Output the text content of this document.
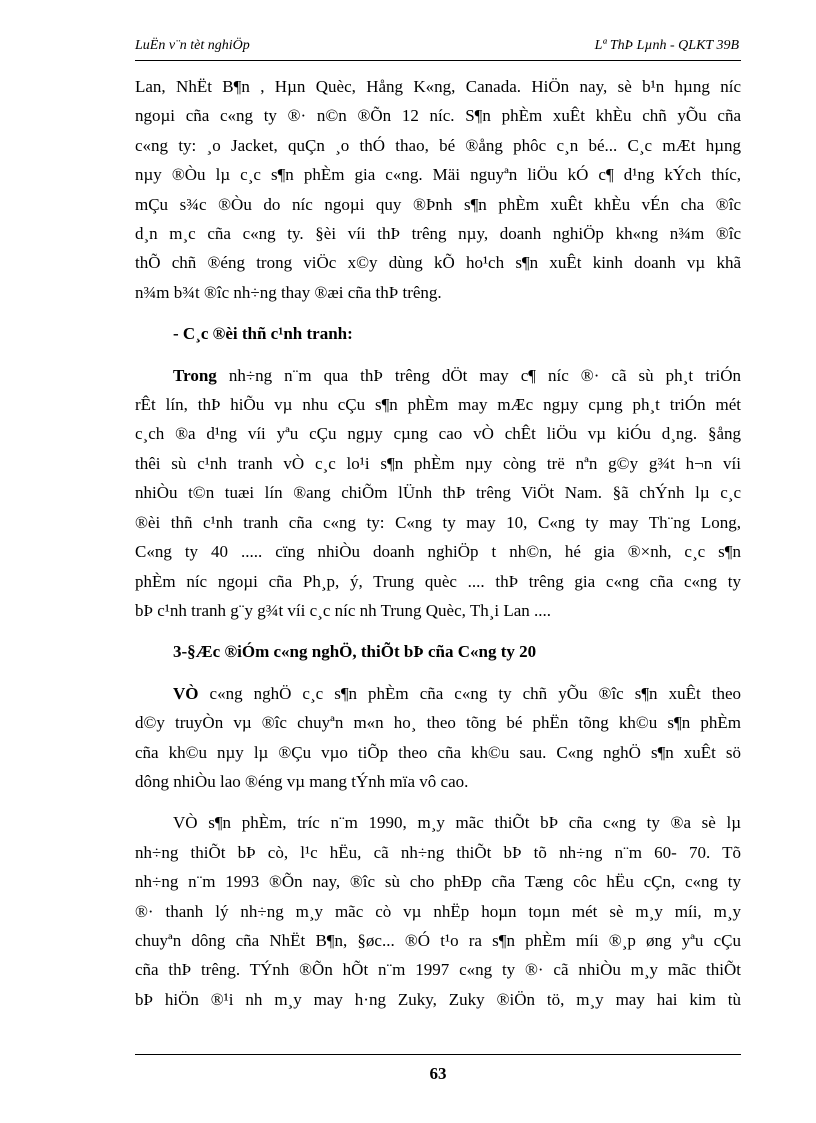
LuËn v¨n tèt nghiÖp	Lª ThÞ Lµnh - QLKT 39B

Lan, NhËt B¶n , Hµn Quèc, Hång K«ng, Canada. HiÖn nay, sè b¹n hµng níc

ngoµi cña c«ng ty ®· n©n ®Õn 12 níc. S¶n phÈm xuÊt khÈu chñ yÕu cña

c«ng ty: ¸o Jacket, quÇn ¸o thÓ thao, bé ®ång phôc c¸n bé... C¸c mÆt hµng

nµy ®Òu lµ c¸c s¶n phÈm gia c«ng. Mäi nguyªn liÖu kÓ c¶ d¹ng kÝch thíc,

mÇu s¾c ®Òu do níc ngoµi quy ®Þnh s¶n phÈm xuÊt khÈu vÉn cha ®îc

d¸n m¸c cña c«ng ty. §èi víi thÞ trêng nµy, doanh nghiÖp kh«ng n¾m ®îc

thÕ chñ ®éng trong viÖc x©y dùng kÕ ho¹ch s¶n xuÊt kinh doanh vµ khã

n¾m b¾t ®îc nh÷ng thay ®æi cña thÞ trêng.

- C¸c ®èi thñ c¹nh tranh:

Trong nh÷ng n¨m qua thÞ trêng dÖt may c¶ níc ®· cã sù ph¸t triÓn

rÊt lín, thÞ hiÕu vµ nhu cÇu s¶n phÈm may mÆc ngµy cµng ph¸t triÓn mét

c¸ch ®a d¹ng víi yªu cÇu ngµy cµng cao vÒ chÊt liÖu vµ kiÓu d¸ng. §ång

thêi sù c¹nh tranh vÒ c¸c lo¹i s¶n phÈm nµy còng trë nªn g©y g¾t h¬n víi

nhiÒu t©n tuæi lín ®ang chiÕm lÜnh thÞ trêng ViÖt Nam. §ã chÝnh lµ c¸c

®èi thñ c¹nh tranh cña c«ng ty: C«ng ty may 10, C«ng ty may Th¨ng Long,

C«ng ty 40 ..... cïng nhiÒu doanh nghiÖp t nh©n, hé gia ®×nh, c¸c s¶n

phÈm níc ngoµi cña Ph¸p, ý, Trung quèc .... thÞ trêng gia c«ng cña c«ng ty

bÞ c¹nh tranh g¨y g¾t víi c¸c níc nh Trung Quèc, Th¸i Lan ....

3-§Æc ®iÓm c«ng nghÖ, thiÕt bÞ cña C«ng ty 20

VÒ c«ng nghÖ c¸c s¶n phÈm cña c«ng ty chñ yÕu ®îc s¶n xuÊt theo

d©y truyÒn vµ ®îc chuyªn m«n ho¸ theo tõng bé phËn tõng kh©u s¶n phÈm

cña kh©u nµy lµ ®Çu vµo tiÕp theo cña kh©u sau. C«ng nghÖ s¶n xuÊt sö

dông nhiÒu lao ®éng vµ mang tÝnh mïa vô cao.

VÒ s¶n phÈm, tríc n¨m 1990, m¸y mãc thiÕt bÞ cña c«ng ty ®a sè lµ

nh÷ng thiÕt bÞ cò, l¹c hËu, cã nh÷ng thiÕt bÞ tõ nh÷ng n¨m 60- 70. Tõ

nh÷ng n¨m 1993 ®Õn nay, ®îc sù cho phÐp cña Tæng côc hËu cÇn, c«ng ty

®· thanh lý nh÷ng m¸y mãc cò vµ nhËp hoµn toµn mét sè m¸y míi, m¸y

chuyªn dông cña NhËt B¶n, §øc... ®Ó t¹o ra s¶n phÈm míi ®¸p øng yªu cÇu

cña thÞ trêng. TÝnh ®Õn hÕt n¨m 1997 c«ng ty ®· cã nhiÒu m¸y mãc thiÕt

bÞ hiÖn ®¹i nh m¸y may h·ng Zuky, Zuky ®iÖn tö, m¸y may hai kim tù

63
